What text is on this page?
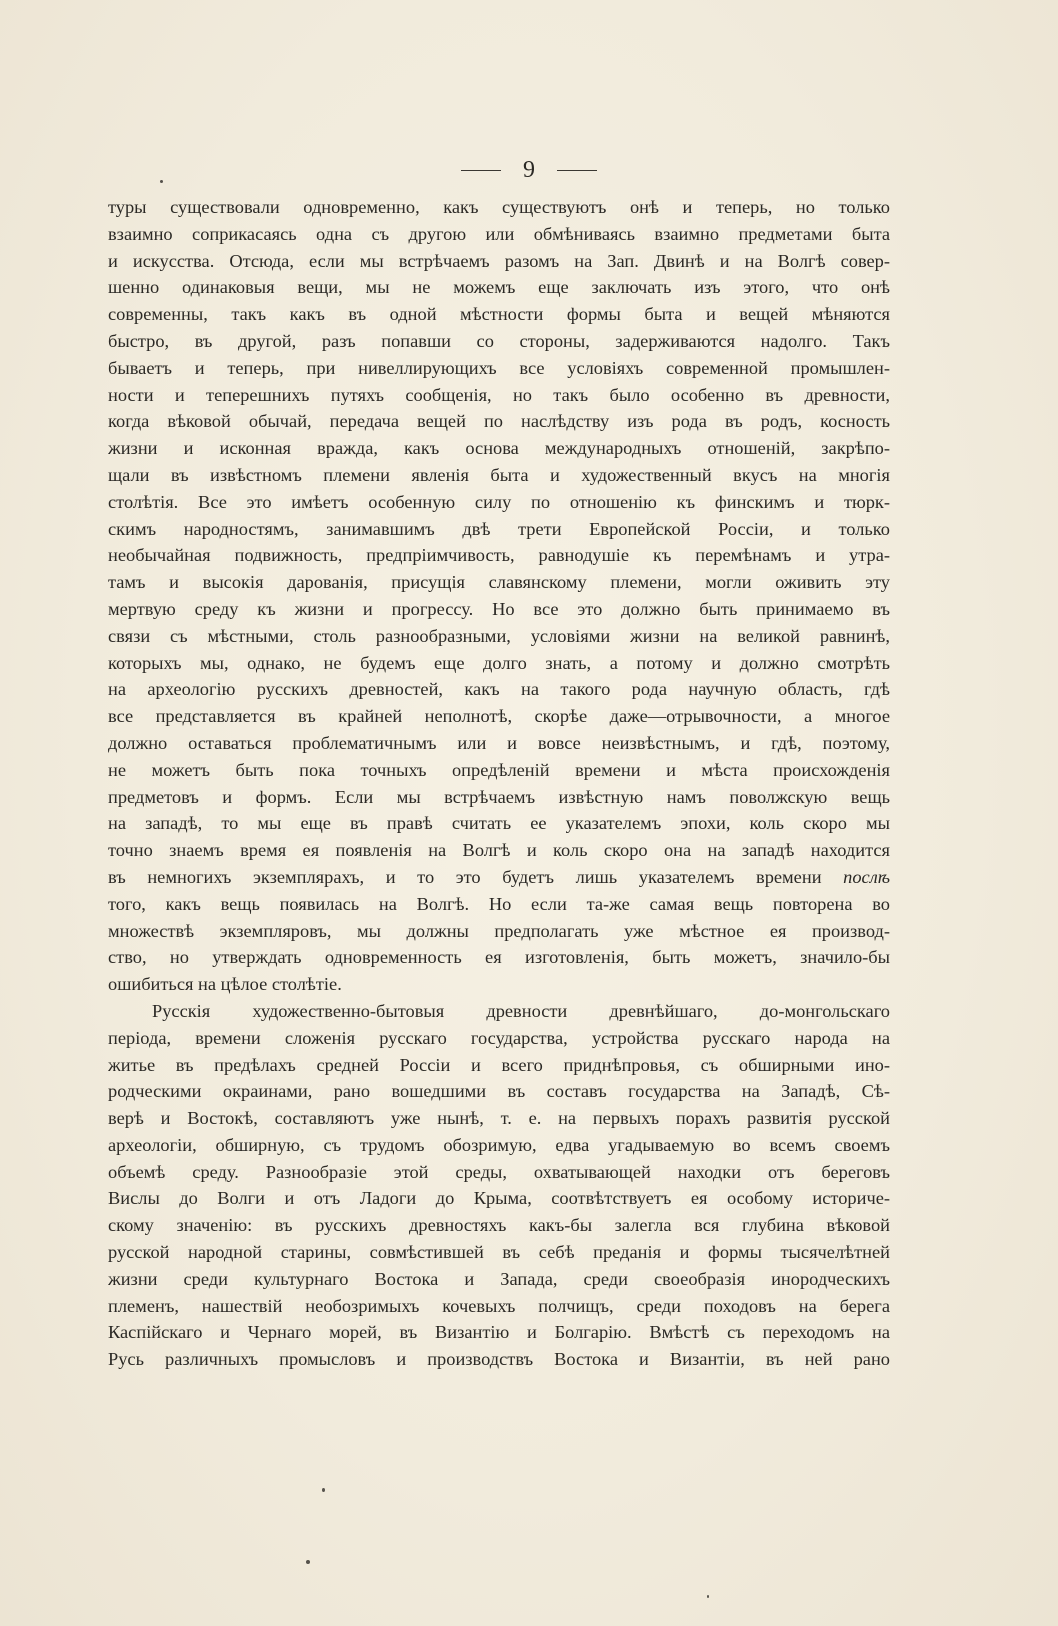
9
туры существовали одновременно, какъ существуютъ онѣ и теперь, но только
взаимно соприкасаясь одна съ другою или обмѣниваясь взаимно предметами быта
и искусства. Отсюда, если мы встрѣчаемъ разомъ на Зап. Двинѣ и на Волгѣ совер-
шенно одинаковыя вещи, мы не можемъ еще заключать изъ этого, что онѣ
современны, такъ какъ въ одной мѣстности формы быта и вещей мѣняются
быстро, въ другой, разъ попавши со стороны, задерживаются надолго. Такъ
бываетъ и теперь, при нивеллирующихъ все условіяхъ современной промышлен-
ности и теперешнихъ путяхъ сообщенія, но такъ было особенно въ древности,
когда вѣковой обычай, передача вещей по наслѣдству изъ рода въ родъ, косность
жизни и исконная вражда, какъ основа международныхъ отношеній, закрѣпо-
щали въ извѣстномъ племени явленія быта и художественный вкусъ на многія
столѣтія. Все это имѣетъ особенную силу по отношенію къ финскимъ и тюрк-
скимъ народностямъ, занимавшимъ двѣ трети Европейской Россіи, и только
необычайная подвижность, предпріимчивость, равнодушіе къ перемѣнамъ и утра-
тамъ и высокія дарованія, присущія славянскому племени, могли оживить эту
мертвую среду къ жизни и прогрессу. Но все это должно быть принимаемо въ
связи съ мѣстными, столь разнообразными, условіями жизни на великой равнинѣ,
которыхъ мы, однако, не будемъ еще долго знать, а потому и должно смотрѣть
на археологію русскихъ древностей, какъ на такого рода научную область, гдѣ
все представляется въ крайней неполнотѣ, скорѣе даже—отрывочности, а многое
должно оставаться проблематичнымъ или и вовсе неизвѣстнымъ, и гдѣ, поэтому,
не можетъ быть пока точныхъ опредѣленій времени и мѣста происхожденія
предметовъ и формъ. Если мы встрѣчаемъ извѣстную намъ поволжскую вещь
на западѣ, то мы еще въ правѣ считать ее указателемъ эпохи, коль скоро мы
точно знаемъ время ея появленія на Волгѣ и коль скоро она на западѣ находится
въ немногихъ экземплярахъ, и то это будетъ лишь указателемъ времени послѣ
того, какъ вещь появилась на Волгѣ. Но если та-же самая вещь повторена во
множествѣ экземпляровъ, мы должны предполагать уже мѣстное ея производ-
ство, но утверждать одновременность ея изготовленія, быть можетъ, значило-бы
ошибиться на цѣлое столѣтіе.
Русскія художественно-бытовыя древности древнѣйшаго, до-монгольскаго
періода, времени сложенія русскаго государства, устройства русскаго народа на
житье въ предѣлахъ средней Россіи и всего приднѣпровья, съ обширными ино-
родческими окраинами, рано вошедшими въ составъ государства на Западѣ, Сѣ-
верѣ и Востокѣ, составляютъ уже нынѣ, т. е. на первыхъ порахъ развитія русской
археологіи, обширную, съ трудомъ обозримую, едва угадываемую во всемъ своемъ
объемѣ среду. Разнообразіе этой среды, охватывающей находки отъ береговъ
Вислы до Волги и отъ Ладоги до Крыма, соотвѣтствуетъ ея особому историче-
скому значенію: въ русскихъ древностяхъ какъ-бы залегла вся глубина вѣковой
русской народной старины, совмѣстившей въ себѣ преданія и формы тысячелѣтней
жизни среди культурнаго Востока и Запада, среди своеобразія инородческихъ
племенъ, нашествій необозримыхъ кочевыхъ полчищъ, среди походовъ на берега
Каспійскаго и Чернаго морей, въ Византію и Болгарію. Вмѣстѣ съ переходомъ на
Русь различныхъ промысловъ и производствъ Востока и Византіи, въ ней рано
